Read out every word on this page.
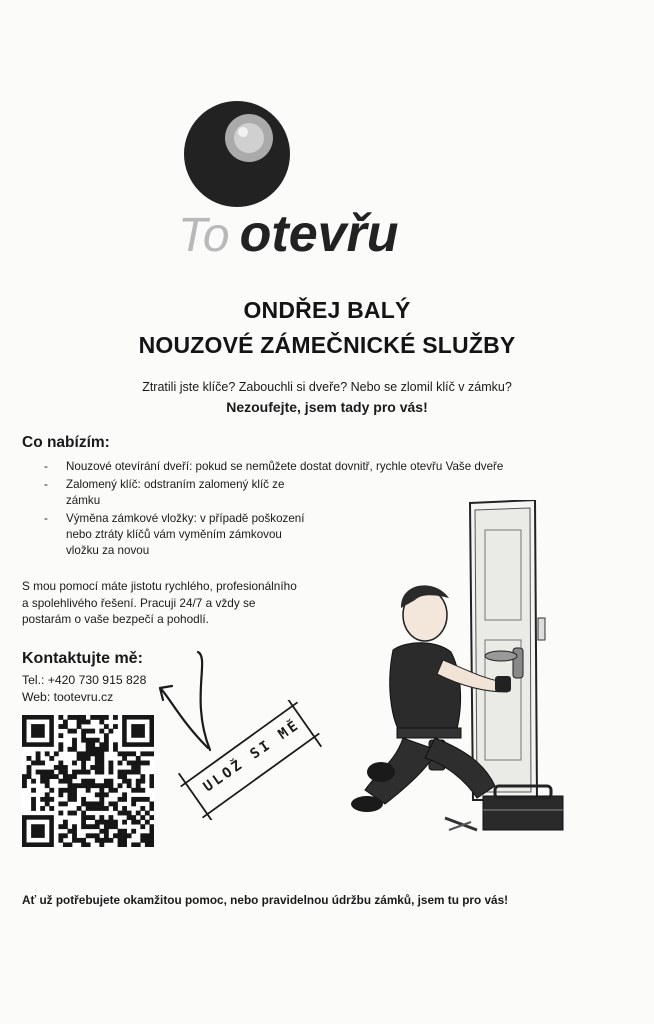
To otevřu
ONDŘEJ BALÝ
NOUZOVÉ ZÁMEČNICKÉ SLUŽBY
Ztratili jste klíče? Zabouchli si dveře? Nebo se zlomil klíč v zámku?
Nezoufejte, jsem tady pro vás!
Co nabízím:
- Nouzové otevírání dveří: pokud se nemůžete dostat dovnitř, rychle otevřu Vaše dveře
- Zalomený klíč: odstraním zalomený klíč ze
zámku
- Výměna zámkové vložky: v případě poškození
nebo ztráty klíčů vám vyměním zámkovou
vložku za novou
S mou pomocí máte jistotu rychlého, profesionálního
a spolehlivého řešení. Pracuji 24/7 a vždy se
postarám o vaše bezpečí a pohodlí.
Kontaktujte mě:
Tel.: +420 730 915 828
Web: tootevru.cz
ULOŽ SI MĚ
Ať už potřebujete okamžitou pomoc, nebo pravidelnou údržbu zámků, jsem tu pro vás!
